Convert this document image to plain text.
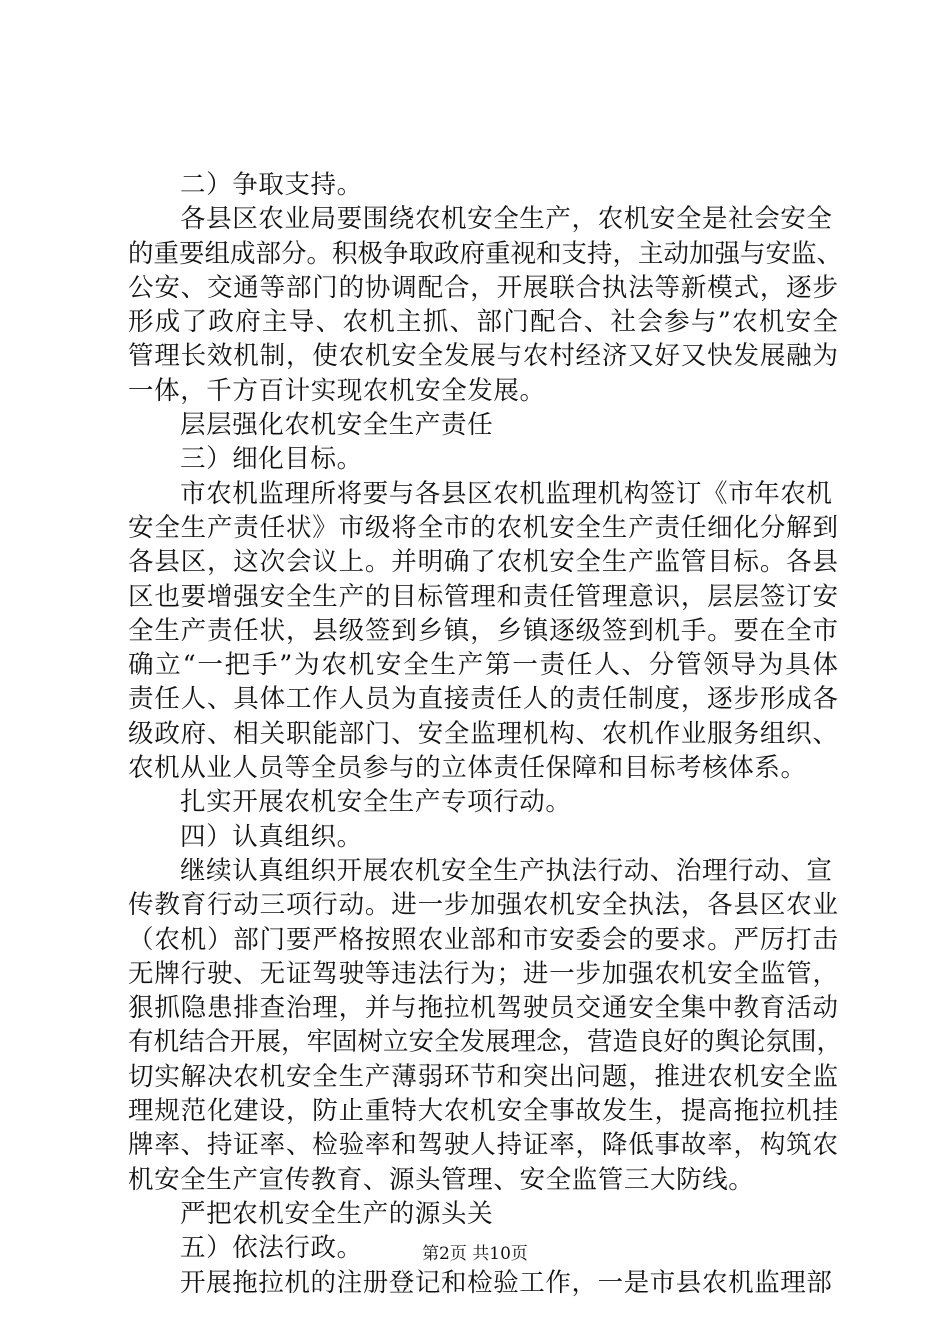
二）争取支持。
各县区农业局要围绕农机安全生产，农机安全是社会安全
的重要组成部分。积极争取政府重视和支持，主动加强与安监、
公安、交通等部门的协调配合，开展联合执法等新模式，逐步
形成了政府主导、农机主抓、部门配合、社会参与”农机安全
管理长效机制，使农机安全发展与农村经济又好又快发展融为
一体，千方百计实现农机安全发展。
层层强化农机安全生产责任
三）细化目标。
市农机监理所将要与各县区农机监理机构签订《市年农机
安全生产责任状》市级将全市的农机安全生产责任细化分解到
各县区，这次会议上。并明确了农机安全生产监管目标。各县
区也要增强安全生产的目标管理和责任管理意识，层层签订安
全生产责任状，县级签到乡镇，乡镇逐级签到机手。要在全市
确立“一把手”为农机安全生产第一责任人、分管领导为具体
责任人、具体工作人员为直接责任人的责任制度，逐步形成各
级政府、相关职能部门、安全监理机构、农机作业服务组织、
农机从业人员等全员参与的立体责任保障和目标考核体系。
扎实开展农机安全生产专项行动。
四）认真组织。
继续认真组织开展农机安全生产执法行动、治理行动、宣
传教育行动三项行动。进一步加强农机安全执法，各县区农业
（农机）部门要严格按照农业部和市安委会的要求。严厉打击
无牌行驶、无证驾驶等违法行为；进一步加强农机安全监管，
狠抓隐患排查治理，并与拖拉机驾驶员交通安全集中教育活动
有机结合开展，牢固树立安全发展理念，营造良好的舆论氛围，
切实解决农机安全生产薄弱环节和突出问题，推进农机安全监
理规范化建设，防止重特大农机安全事故发生，提高拖拉机挂
牌率、持证率、检验率和驾驶人持证率，降低事故率，构筑农
机安全生产宣传教育、源头管理、安全监管三大防线。
严把农机安全生产的源头关
五）依法行政。
开展拖拉机的注册登记和检验工作，一是市县农机监理部
第2页 共10页
